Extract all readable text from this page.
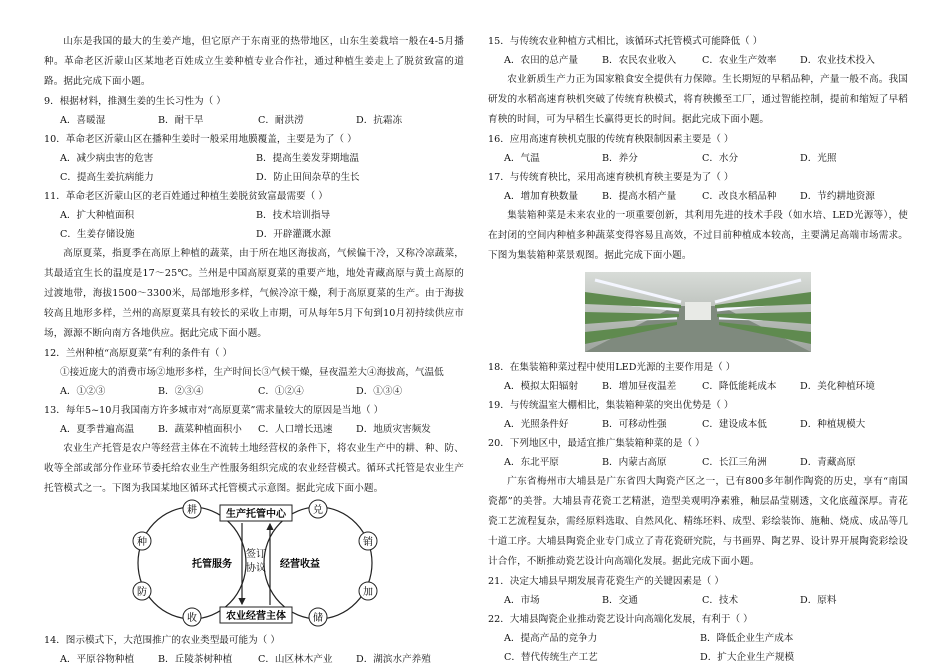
山东是我国的最大的生姜产地，但它原产于东南亚的热带地区，山东生姜栽培一般在4-5月播种。革命老区沂蒙山区某地老百姓成立生姜种植专业合作社，通过种植生姜走上了脱贫致富的道路。据此完成下面小题。

9．根据材料，推测生姜的生长习性为（ ）

A．喜暖湿	B．耐干旱	C．耐洪涝	D．抗霜冻

10．革命老区沂蒙山区在播种生姜时一般采用地膜覆盖，主要是为了（ ）

A．减少病虫害的危害	B．提高生姜发芽期地温
C．提高生姜抗病能力	D．防止田间杂草的生长

11．革命老区沂蒙山区的老百姓通过种植生姜脱贫致富最需要（ ）

A．扩大种植面积	B．技术培训指导
C．生姜存储设施	D．开辟灌溉水源

高原夏菜，指夏季在高原上种植的蔬菜，由于所在地区海拔高，气候偏干冷，又称冷凉蔬菜，其最适宜生长的温度是17～25℃。兰州是中国高原夏菜的重要产地，地处青藏高原与黄土高原的过渡地带，海拔1500～3300米，局部地形多样，气候冷凉干燥，利于高原夏菜的生产。由于海拔较高且地形多样，兰州的高原夏菜具有较长的采收上市期，可从每年5月下旬到10月初持续供应市场，源源不断向南方各地供应。据此完成下面小题。

12．兰州种植“高原夏菜”有利的条件有（ ）

①接近庞大的消费市场②地形多样，生产时间长③气候干燥，昼夜温差大④海拔高，气温低

A．①②③	B．②③④	C．①②④	D．①③④

13．每年5~10月我国南方许多城市对“高原夏菜”需求量较大的原因是当地（ ）

A．夏季普遍高温 B．蔬菜种植面积小 C．人口增长迅速 D．地质灾害频发

农业生产托管是农户等经营主体在不流转土地经营权的条件下，将农业生产中的耕、种、防、收等全部或部分作业环节委托给农业生产性服务组织完成的农业经营模式。循环式托管是农业生产托管模式之一。下图为我国某地区循环式托管模式示意图。据此完成下面小题。

耕
种
防
收
兑
销
加
储
生产托管中心
农业经营主体
托管服务	经营收益
签订
协议

14．图示模式下，大范围推广的农业类型最可能为（ ）

A．平原谷物种植 B．丘陵茶树种植	C．山区林木产业 D．湖滨水产养殖

15．与传统农业种植方式相比，该循环式托管模式可能降低（ ）

A．农田的总产量 B．农民农业收入	C．农业生产效率 D．农业技术投入

农业新质生产力正为国家粮食安全提供有力保障。生长期短的早稻品种，产量一般不高。我国研发的水稻高速育秧机突破了传统育秧模式，将育秧搬至工厂，通过智能控制，提前和缩短了早稻育秧的时间，可为早稻生长赢得更长的时间。据此完成下面小题。

16．应用高速育秧机克服的传统育秧限制因素主要是（ ）

A．气温	B．养分	C．水分	D．光照

17．与传统育秧比，采用高速育秧机育秧主要是为了（ ）

A．增加育秧数量 B．提高水稻产量	C．改良水稻品种 D．节约耕地资源

集装箱种菜是未来农业的一项重要创新，其利用先进的技术手段（如水培、LED光源等），使在封闭的空间内种植多种蔬菜变得容易且高效，不过目前种植成本较高，主要满足高端市场需求。下图为集装箱种菜景观图。据此完成下面小题。

18．在集装箱种菜过程中使用LED光源的主要作用是（ ）

A．模拟太阳辐射 B．增加昼夜温差	C．降低能耗成本 D．美化种植环境

19．与传统温室大棚相比，集装箱种菜的突出优势是（ ）

A．光照条件好	B．可移动性强	C．建设成本低	D．种植规模大

20．下列地区中，最适宜推广集装箱种菜的是（ ）

A．东北平原	B．内蒙古高原	C．长江三角洲	D．青藏高原

广东省梅州市大埔县是广东省四大陶瓷产区之一，已有800多年制作陶瓷的历史，享有“南国瓷都”的美誉。大埔县青花瓷工艺精湛，造型美观明净素雅，釉层晶莹剔透，文化底蕴深厚。青花瓷工艺流程复杂，需经原料选取、自然风化、精练坯料、成型、彩绘装饰、施釉、烧成、成品等几十道工序。大埔县陶瓷企业专门成立了青花瓷研究院，与书画界、陶艺界、设计界开展陶瓷彩绘设计合作，不断推动瓷艺设计向高端化发展。据此完成下面小题。

21．决定大埔县早期发展青花瓷生产的关键因素是（ ）

A．市场	B．交通	C．技术	D．原料

22．大埔县陶瓷企业推动瓷艺设计向高端化发展，有利于（ ）

A．提高产品的竞争力	B．降低企业生产成本
C．替代传统生产工艺	D．扩大企业生产规模
